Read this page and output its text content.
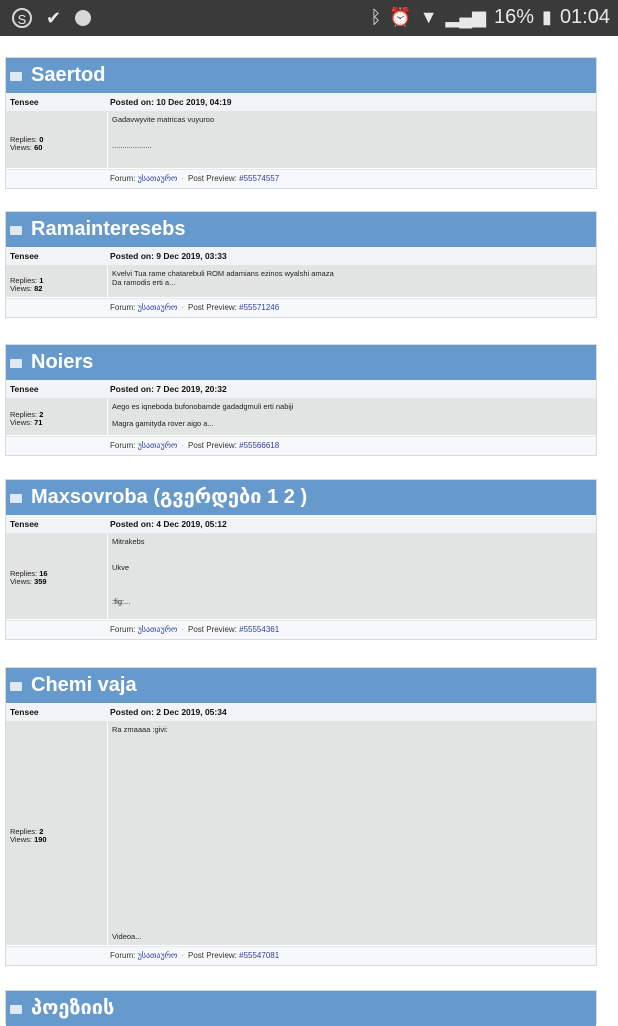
S	✔	ᛒ ⏰ ▼ ▂▄▆ 16% ▮ 01:04
Saertod
Tensee	Posted on: 10 Dec 2019, 04:19
Replies: 0
Views: 60

Gadavwyvite matricas vuyuroo

...................

Forum: უსათაურო · Post Preview: #55574557
Ramainteresebs
Tensee	Posted on: 9 Dec 2019, 03:33
Replies: 1
Views: 82

Kvelvi Tua rame chatarebuli ROM adamians ezinos wyalshi amaza

Da ramodis erti a...

Forum: უსათაურო · Post Preview: #55571246
Noiers
Tensee	Posted on: 7 Dec 2019, 20:32
Replies: 2
Views: 71

Aego es iqneboda bufonobamde gadadgmuli erti nabiji

Magra gamityda rover aigo a...

Forum: უსათაურო · Post Preview: #55566618
Maxsovroba (გვერდები 1 2 )
Tensee	Posted on: 4 Dec 2019, 05:12
Replies: 16
Views: 359

Mitrakebs

Ukve

:fig:...

Forum: უსათაურო · Post Preview: #55554361
Chemi vaja
Tensee	Posted on: 2 Dec 2019, 05:34
Replies: 2
Views: 190

Ra zmaaaa :givi:

Videoa...

Forum: უსათაურო · Post Preview: #55547081
პოეზიის
